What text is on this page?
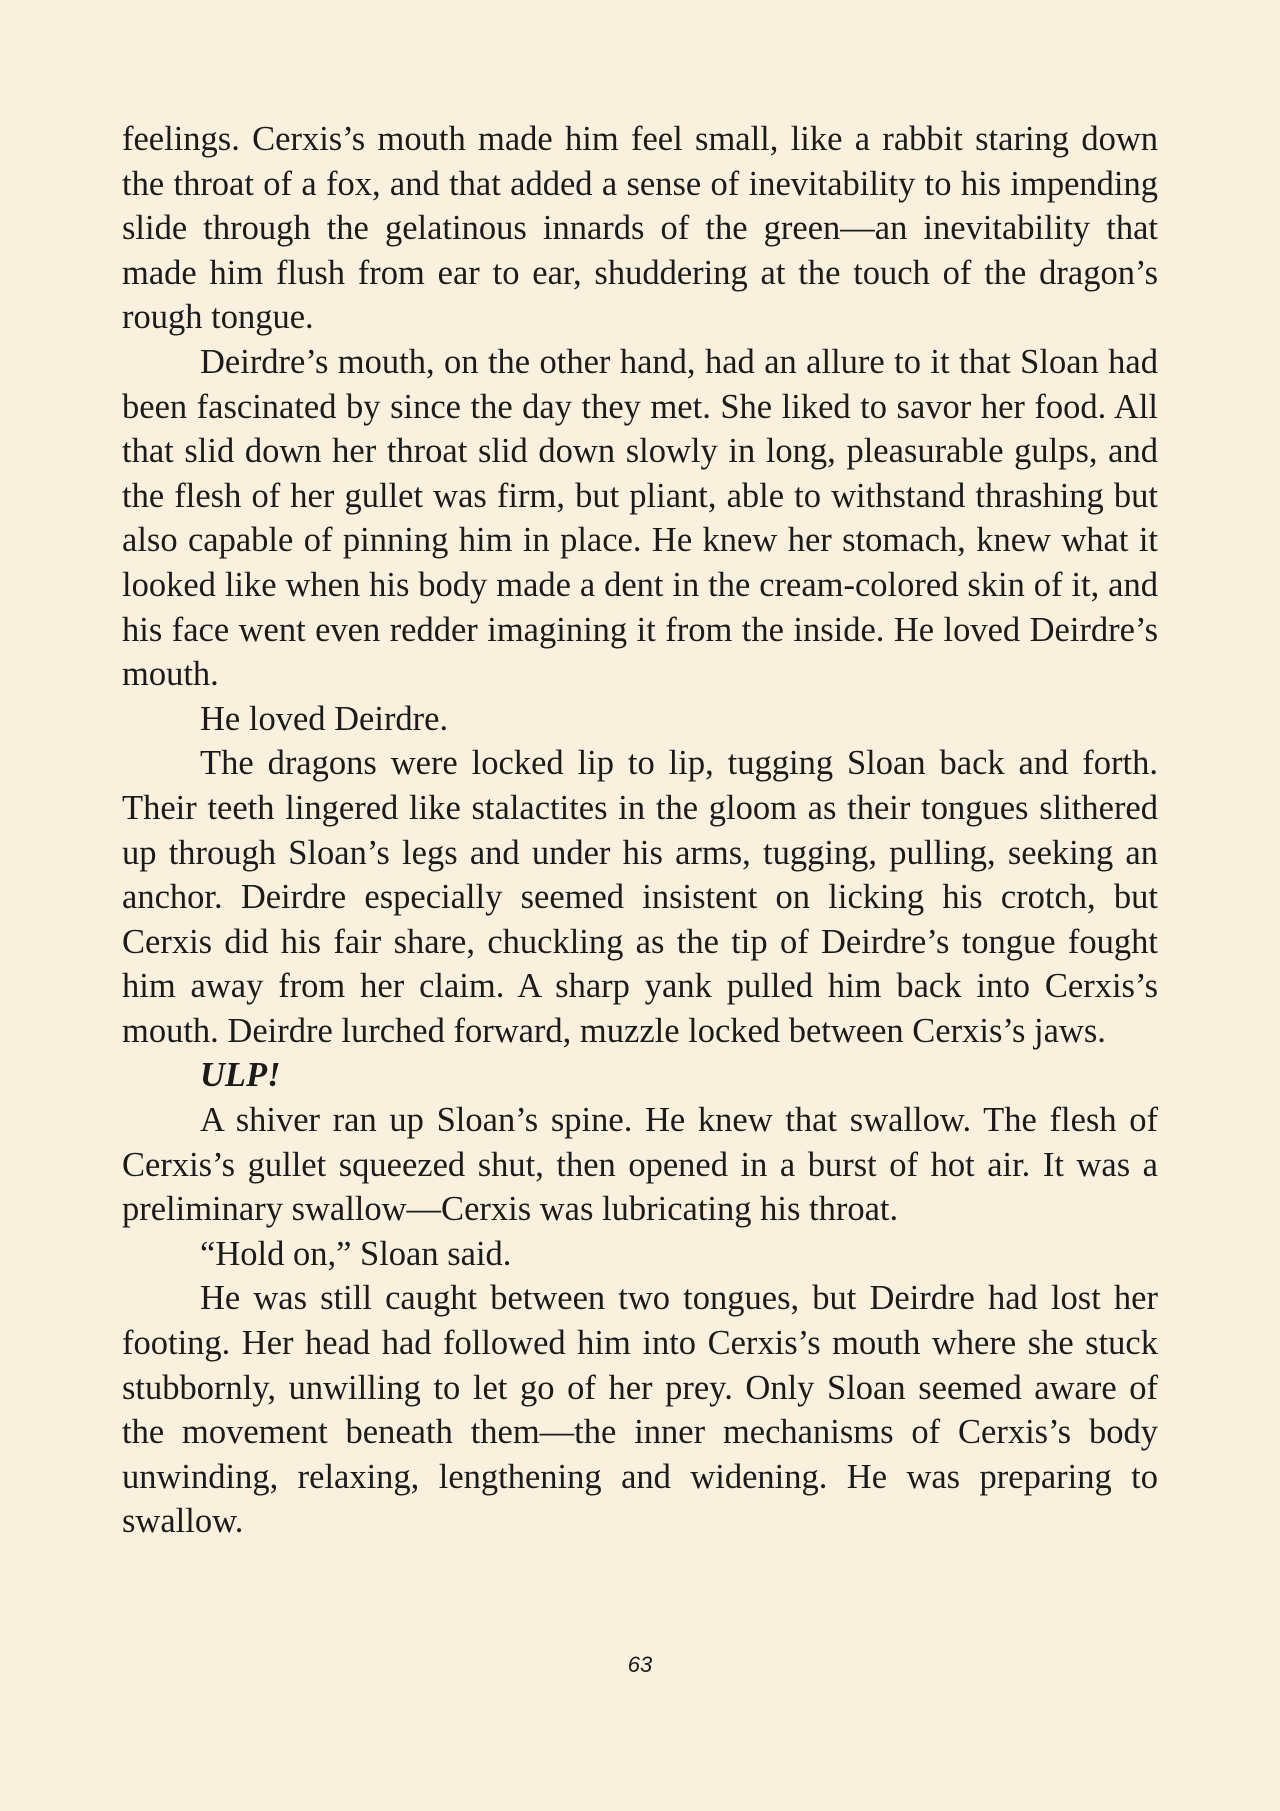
feelings. Cerxis’s mouth made him feel small, like a rabbit staring down the throat of a fox, and that added a sense of inevitability to his impending slide through the gelatinous innards of the green—an inevitability that made him flush from ear to ear, shuddering at the touch of the dragon’s rough tongue.

Deirdre’s mouth, on the other hand, had an allure to it that Sloan had been fascinated by since the day they met. She liked to savor her food. All that slid down her throat slid down slowly in long, pleasurable gulps, and the flesh of her gullet was firm, but pliant, able to withstand thrashing but also capable of pinning him in place. He knew her stomach, knew what it looked like when his body made a dent in the cream-colored skin of it, and his face went even redder imagining it from the inside. He loved Deirdre’s mouth.

He loved Deirdre.

The dragons were locked lip to lip, tugging Sloan back and forth. Their teeth lingered like stalactites in the gloom as their tongues slithered up through Sloan’s legs and under his arms, tugging, pulling, seeking an anchor. Deirdre especially seemed insistent on licking his crotch, but Cerxis did his fair share, chuckling as the tip of Deirdre’s tongue fought him away from her claim. A sharp yank pulled him back into Cerxis’s mouth. Deirdre lurched forward, muzzle locked between Cerxis’s jaws.

ULP!

A shiver ran up Sloan’s spine. He knew that swallow. The flesh of Cerxis’s gullet squeezed shut, then opened in a burst of hot air. It was a preliminary swallow—Cerxis was lubricating his throat.

“Hold on,” Sloan said.

He was still caught between two tongues, but Deirdre had lost her footing. Her head had followed him into Cerxis’s mouth where she stuck stubbornly, unwilling to let go of her prey. Only Sloan seemed aware of the movement beneath them—the inner mechanisms of Cerxis’s body unwinding, relaxing, lengthening and widening. He was preparing to swallow.

63
